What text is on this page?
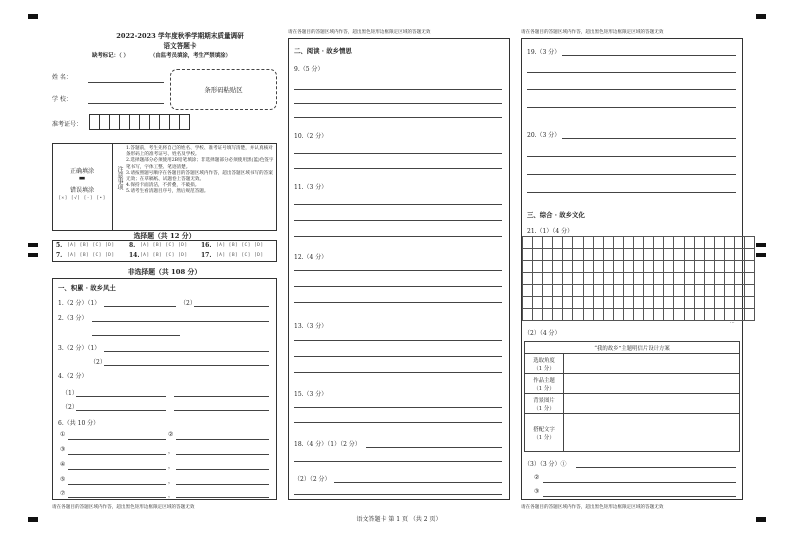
2022-2023 学年度秋季学期期末质量调研
语文答题卡
缺考标记：（ ）	（由监考员填涂，考生严禁填涂）
姓 名：
学 校：
条形码粘贴区
准考证号：
正确填涂
▬
错误填涂
[×] [√] [-] [•]
注意事项
1.答题前，考生先将自己的姓名、学校、准考证号填写清楚，并认真核对条形码上的准考证号、姓名及学校。
2.选择题部分必须使用2B铅笔填涂；非选择题部分必须使用黑(蓝)色签字笔书写，字体工整、笔迹清楚。
3.请按照题号顺序在各题目的答题区域内作答，超出答题区域书写的答案无效；在草稿纸、试题卷上答题无效。
4.保持卡面清洁，不折叠，不破损。
5.请考生看清题目序号，然后规范答题。
选择题（共 12 分）
5. [A] [B] [C] [D] 8. [A] [B] [C] [D] 16. [A] [B] [C] [D]
7. [A] [B] [C] [D] 14. [A] [B] [C] [D] 17. [A] [B] [C] [D]
非选择题（共 108 分）
一、积累 · 故乡风土
1.（2 分）（1）	（2）
2.（3 分）
3.（2 分）（1）
（2）
4.（2 分）
（1）
（2）
6.（共 10 分）
①	②
③	，
④	，
⑤	，
⑦	，
请在各题目的答题区域内作答，超出黑色矩形边框限定区域的答题无效
请在各题目的答题区域内作答，超出黑色矩形边框限定区域的答题无效
二、阅读 · 故乡情思
9.（5 分）
10.（2 分）
11.（3 分）
12.（4 分）
13.（3 分）
15.（3 分）
18.（4 分）（1）（2 分）
（2）（2 分）
语文答题卡 第 1 页 （共 2 页）
请在各题目的答题区域内作答，超出黑色矩形边框限定区域的答题无效
19.（3 分）
20.（3 分）
三、综合 · 故乡文化
21.（1）（4 分）

…
（2）（4 分）
“我的故乡”主题明信片设计方案	
选取角度
（1 分）	
作品主题
（1 分）	
背景图片
（1 分）	
搭配文字
（1 分）	
（3）（3 分）①
②
③
请在各题目的答题区域内作答，超出黑色矩形边框限定区域的答题无效
